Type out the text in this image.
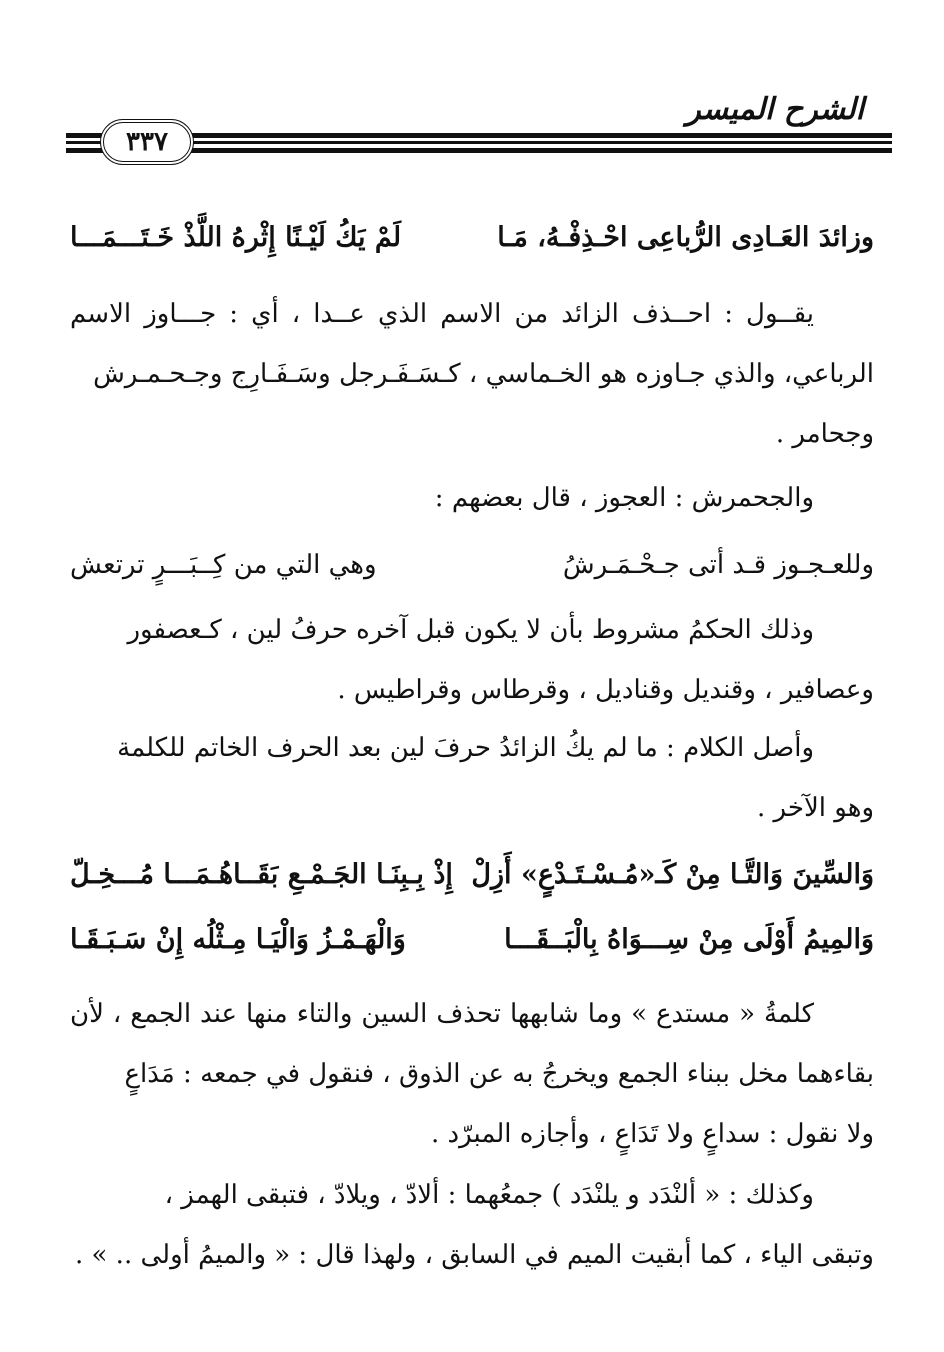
الشرح الميسر
٣٣٧
وزائدَ العَـادِى الرُّباعِى احْـذِفْـهُ، مَـا
لَمْ يَكُ لَيْـنًا إِثْرهُ اللَّذْ خَـتَـــمَـــا
يقــول : احــذف الزائد من الاسم الذي عــدا ، أي : جـــاوز الاسم الرباعي، والذي جـاوزه هو الخـماسي ، كـسَـفَـرجل وسَـفَـارِج وجـحـمـرش
وجحامر .
والجحمرش : العجوز ، قال بعضهم :
وللعـجـوز قـد أتى جـحْـمَـرشُ
وهي التي من كِــبَـــرٍ ترتعش
وذلك الحكمُ مشروط بأن لا يكون قبل آخره حرفُ لين ، كـعصفور
وعصافير ، وقنديل وقناديل ، وقرطاس وقراطيس .
وأصل الكلام : ما لم يكُ الزائدُ حرفَ لين بعد الحرف الخاتم للكلمة
وهو الآخر .
وَالسِّينَ وَالتَّـا مِنْ كَـ«مُـسْـتَـدْعٍ» أَزِلْ
إِذْ بِـبِنَـا الجَـمْـعِ بَقَــاهُـمَـــا مُـــخِـلّ
وَالمِيمُ أَوْلَى مِنْ سِـــوَاهُ بِالْبَــقَـــا
وَالْهَـمْـزُ وَالْيَـا مِـثْلُه إِنْ سَـبَـقَـا
كلمةُ « مستدع » وما شابهها تحذف السين والتاء منها عند الجمع ، لأن بقاءهما مخل ببناء الجمع ويخرجُ به عن الذوق ، فنقول في جمعه : مَدَاعٍ
ولا نقول : سداعٍ ولا تَدَاعٍ ، وأجازه المبرّد .
وكذلك : « ألنْدَد و يلنْدَد ) جمعُهما : ألادّ ، ويلادّ ، فتبقى الهمز ،
وتبقى الياء ، كما أبقيت الميم في السابق ، ولهذا قال : « والميمُ أولى .. » .
